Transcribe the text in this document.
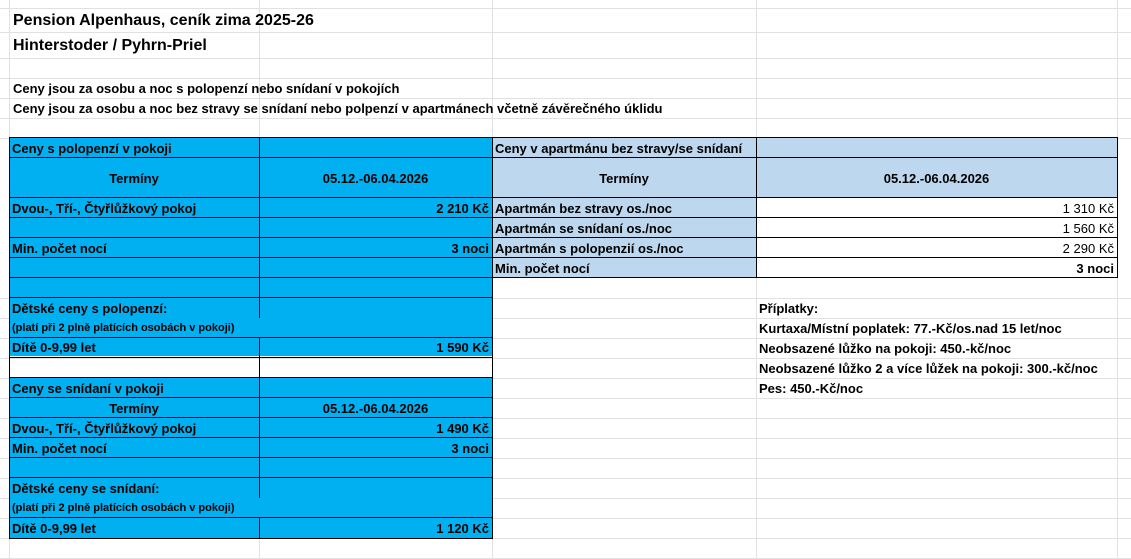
Pension Alpenhaus, ceník zima 2025-26
Hinterstoder / Pyhrn-Priel
Ceny jsou za osobu a noc s polopenzí nebo snídaní v pokojích
Ceny jsou za osobu a noc bez stravy se snídaní nebo polpenzí v apartmánech včetně závěrečného úklidu
Ceny s polopenzí v pokoji
Termíny	05.12.-06.04.2026
Dvou-, Tří-, Čtyřlůžkový pokoj	2 210 Kč
Min. počet nocí	3 noci
Dětské ceny s polopenzí:
(platí při 2 plně platících osobách v pokoji)
Dítě 0-9,99 let	1 590 Kč
Ceny se snídaní v pokoji
Termíny	05.12.-06.04.2026
Dvou-, Tří-, Čtyřlůžkový pokoj	1 490 Kč
Min. počet nocí	3 noci
Dětské ceny se snídaní:
(platí při 2 plně platících osobách v pokoji)
Dítě 0-9,99 let	1 120 Kč
Ceny v apartmánu bez stravy/se snídaní
Termíny	05.12.-06.04.2026
Apartmán bez stravy os./noc	1 310 Kč
Apartmán se snídaní os./noc	1 560 Kč
Apartmán s polopenzií os./noc	2 290 Kč
Min. počet nocí	3 noci
Příplatky:
Kurtaxa/Místní poplatek: 77.-Kč/os.nad 15 let/noc
Neobsazené lůžko na pokoji: 450.-kč/noc
Neobsazené lůžko 2 a více lůžek na pokoji: 300.-kč/noc
Pes: 450.-Kč/noc
